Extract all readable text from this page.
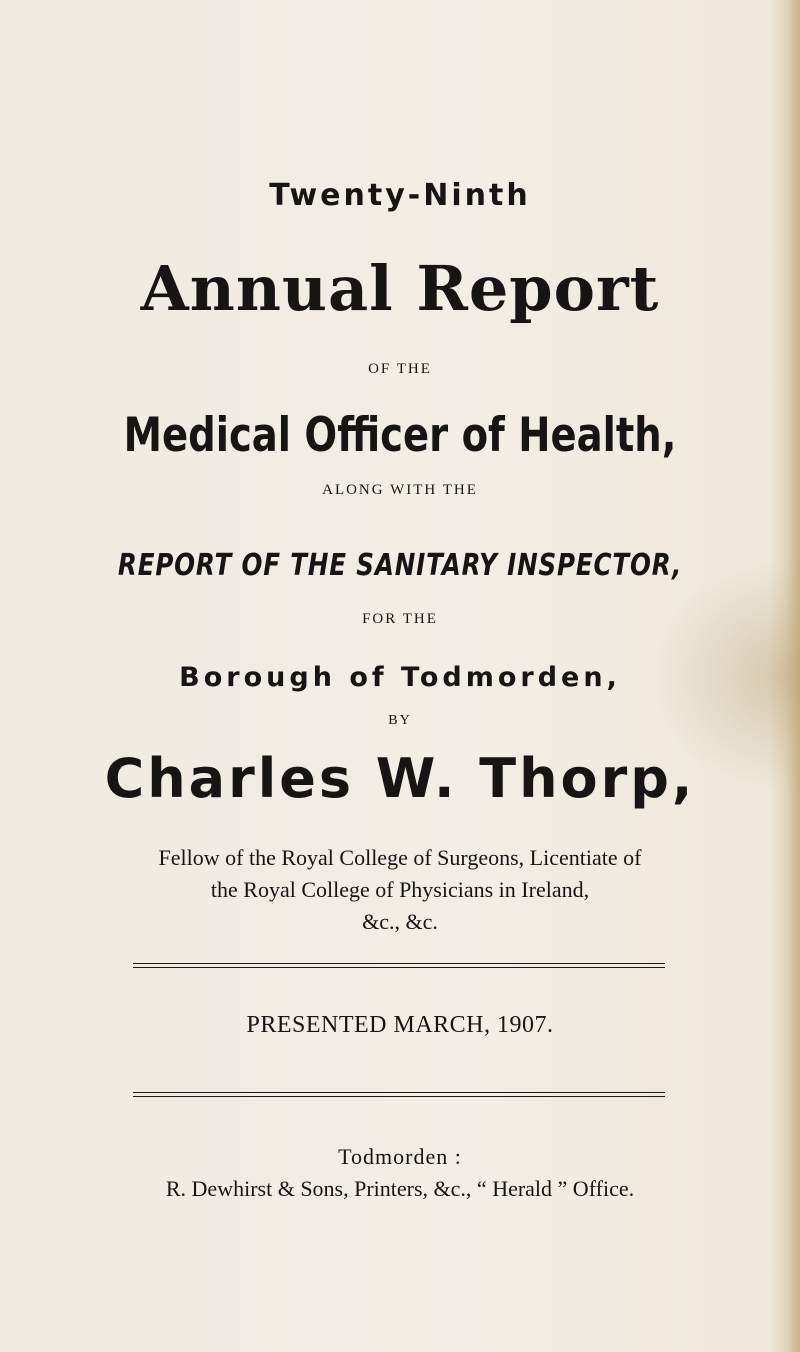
Twenty-Ninth
Annual Report
OF THE
Medical Officer of Health,
ALONG WITH THE
REPORT OF THE SANITARY INSPECTOR,
FOR THE
Borough of Todmorden,
BY
Charles W. Thorp,
Fellow of the Royal College of Surgeons, Licentiate of
the Royal College of Physicians in Ireland,
&c., &c.
PRESENTED MARCH, 1907.
Todmorden :
R. Dewhirst & Sons, Printers, &c., “ Herald ” Office.
